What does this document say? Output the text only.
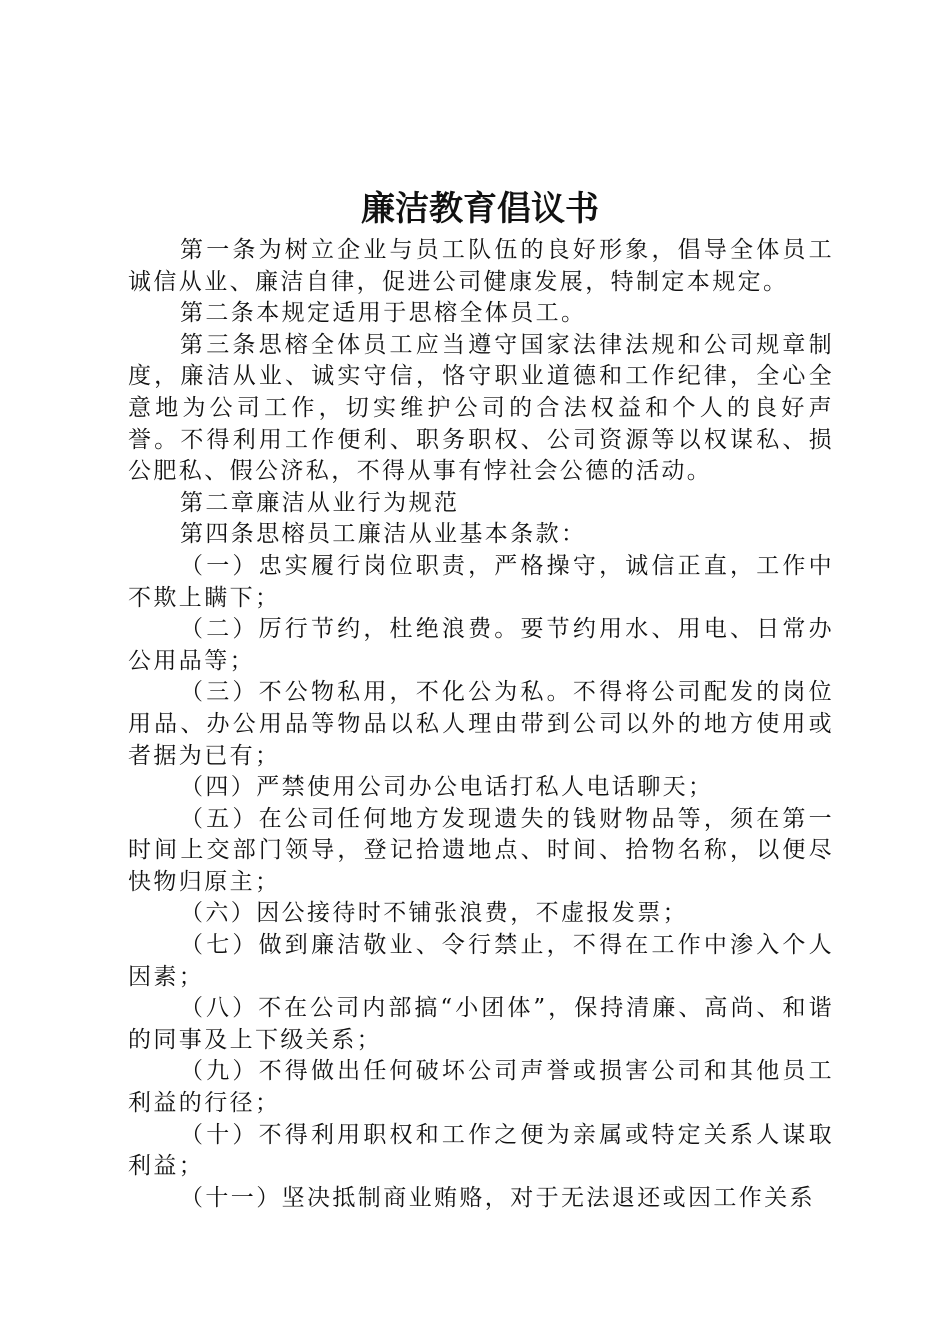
廉洁教育倡议书

第一条为树立企业与员工队伍的良好形象，倡导全体员工诚信从业、廉洁自律，促进公司健康发展，特制定本规定。

第二条本规定适用于思榕全体员工。

第三条思榕全体员工应当遵守国家法律法规和公司规章制度，廉洁从业、诚实守信，恪守职业道德和工作纪律，全心全意地为公司工作，切实维护公司的合法权益和个人的良好声誉。不得利用工作便利、职务职权、公司资源等以权谋私、损公肥私、假公济私，不得从事有悖社会公德的活动。

第二章廉洁从业行为规范

第四条思榕员工廉洁从业基本条款：

（一）忠实履行岗位职责，严格操守，诚信正直，工作中不欺上瞒下；

（二）厉行节约，杜绝浪费。要节约用水、用电、日常办公用品等；

（三）不公物私用，不化公为私。不得将公司配发的岗位用品、办公用品等物品以私人理由带到公司以外的地方使用或者据为已有；

（四）严禁使用公司办公电话打私人电话聊天；

（五）在公司任何地方发现遗失的钱财物品等，须在第一时间上交部门领导，登记拾遗地点、时间、拾物名称，以便尽快物归原主；

（六）因公接待时不铺张浪费，不虚报发票；

（七）做到廉洁敬业、令行禁止，不得在工作中渗入个人因素；

（八）不在公司内部搞“小团体”，保持清廉、高尚、和谐的同事及上下级关系；

（九）不得做出任何破坏公司声誉或损害公司和其他员工利益的行径；

（十）不得利用职权和工作之便为亲属或特定关系人谋取利益；

（十一）坚决抵制商业贿赂，对于无法退还或因工作关系
